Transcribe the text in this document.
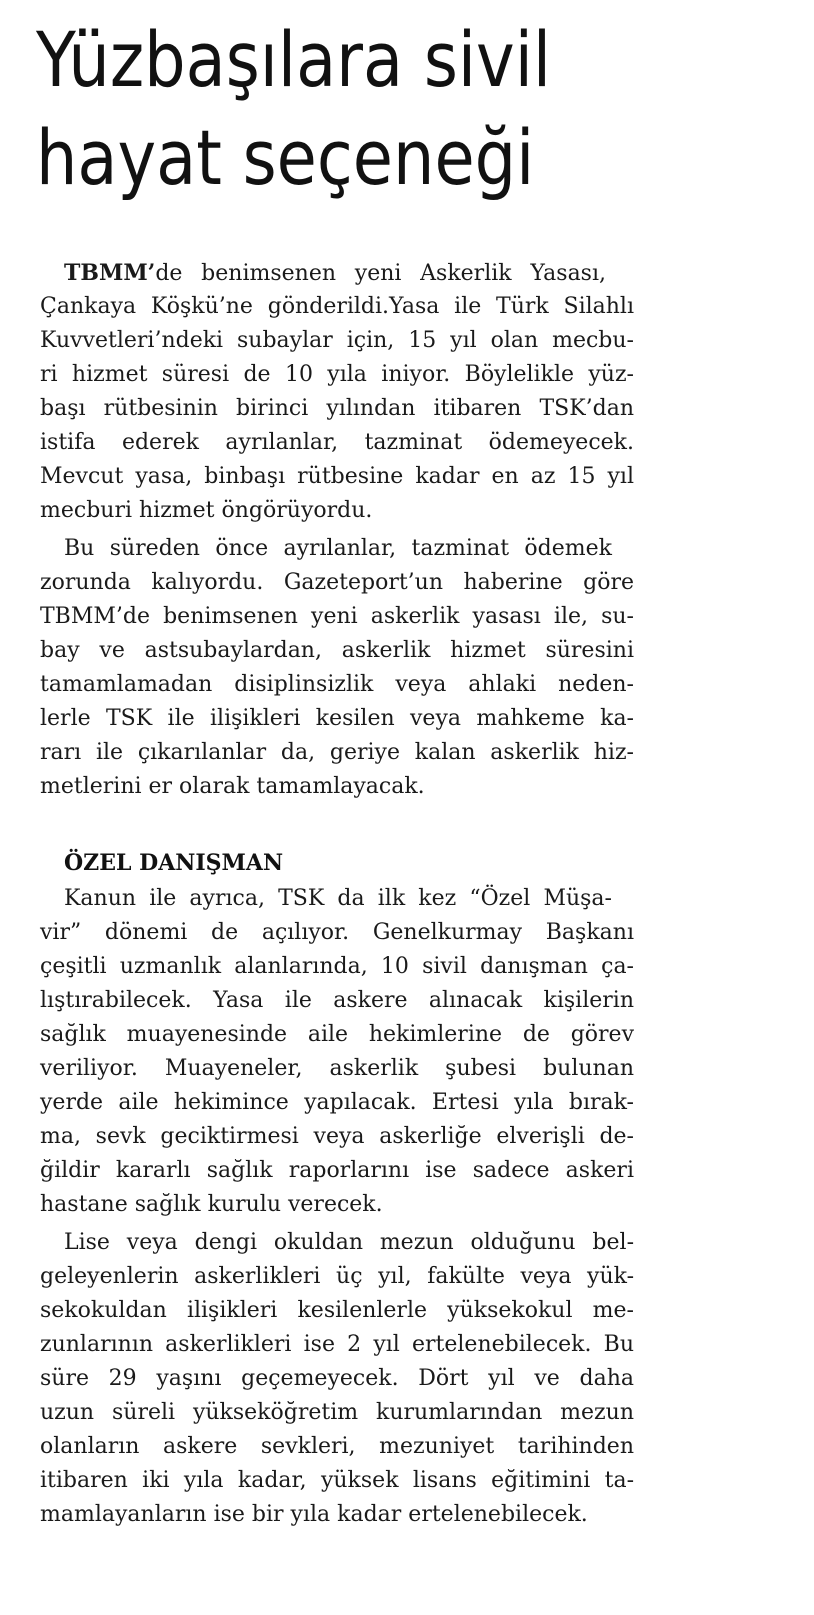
Yüzbaşılara sivil
hayat seçeneği
TBMM’de benimsenen yeni Askerlik Yasası,
Çankaya Köşkü’ne gönderildi.Yasa ile Türk Silahlı
Kuvvetleri’ndeki subaylar için, 15 yıl olan mecbu-
ri hizmet süresi de 10 yıla iniyor. Böylelikle yüz-
başı rütbesinin birinci yılından itibaren TSK’dan
istifa ederek ayrılanlar, tazminat ödemeyecek.
Mevcut yasa, binbaşı rütbesine kadar en az 15 yıl
mecburi hizmet öngörüyordu.
Bu süreden önce ayrılanlar, tazminat ödemek
zorunda kalıyordu. Gazeteport’un haberine göre
TBMM’de benimsenen yeni askerlik yasası ile, su-
bay ve astsubaylardan, askerlik hizmet süresini
tamamlamadan disiplinsizlik veya ahlaki neden-
lerle TSK ile ilişikleri kesilen veya mahkeme ka-
rarı ile çıkarılanlar da, geriye kalan askerlik hiz-
metlerini er olarak tamamlayacak.
ÖZEL DANIŞMAN
Kanun ile ayrıca, TSK da ilk kez “Özel Müşa-
vir” dönemi de açılıyor. Genelkurmay Başkanı
çeşitli uzmanlık alanlarında, 10 sivil danışman ça-
lıştırabilecek. Yasa ile askere alınacak kişilerin
sağlık muayenesinde aile hekimlerine de görev
veriliyor. Muayeneler, askerlik şubesi bulunan
yerde aile hekimince yapılacak. Ertesi yıla bırak-
ma, sevk geciktirmesi veya askerliğe elverişli de-
ğildir kararlı sağlık raporlarını ise sadece askeri
hastane sağlık kurulu verecek.
Lise veya dengi okuldan mezun olduğunu bel-
geleyenlerin askerlikleri üç yıl, fakülte veya yük-
sekokuldan ilişikleri kesilenlerle yüksekokul me-
zunlarının askerlikleri ise 2 yıl ertelenebilecek. Bu
süre 29 yaşını geçemeyecek. Dört yıl ve daha
uzun süreli yükseköğretim kurumlarından mezun
olanların askere sevkleri, mezuniyet tarihinden
itibaren iki yıla kadar, yüksek lisans eğitimini ta-
mamlayanların ise bir yıla kadar ertelenebilecek.
